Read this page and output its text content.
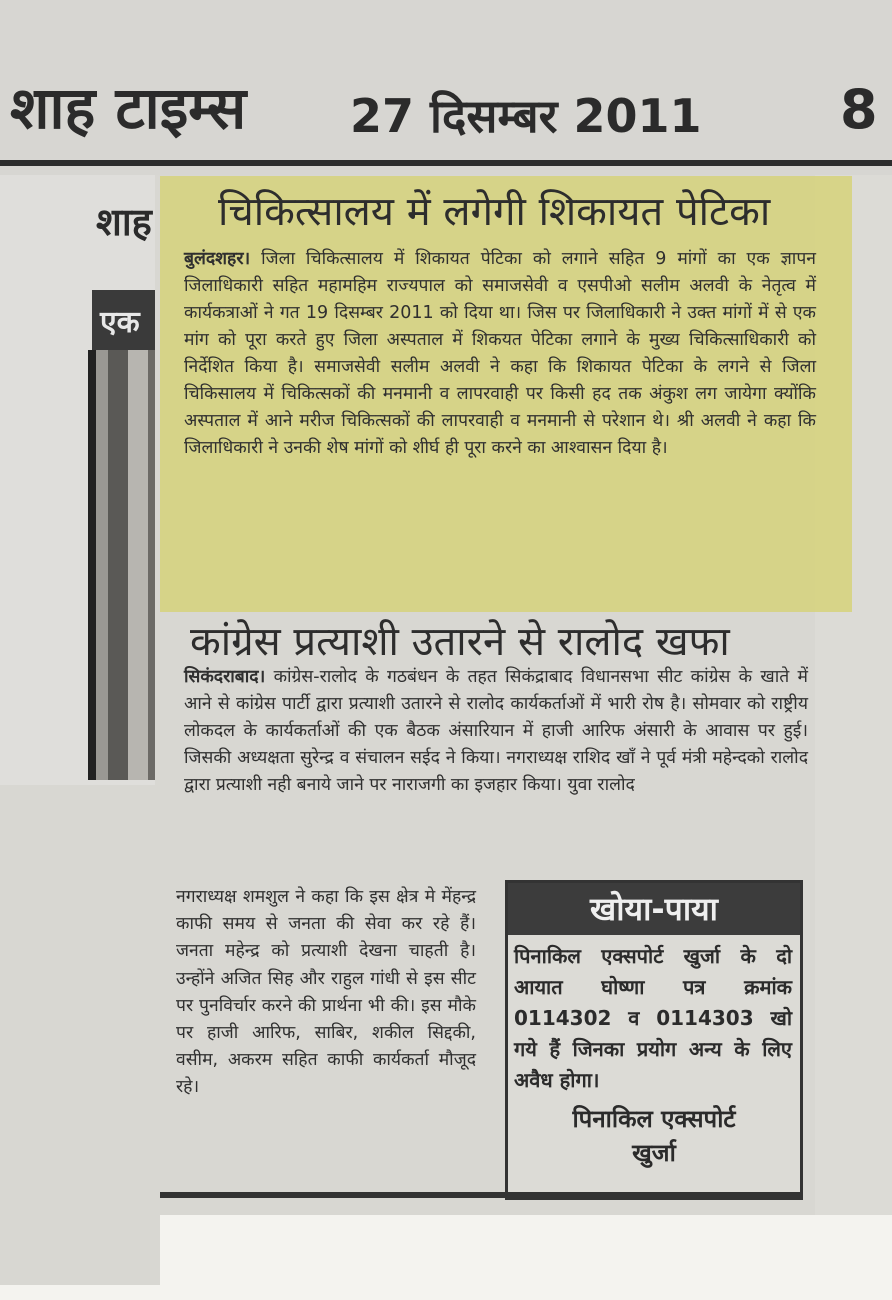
शाह टाइम्स 27 दिसम्बर 2011	8
शाह
एक
चिकित्सालय में लगेगी शिकायत पेटिका

बुलंदशहर। जिला चिकित्सालय में शिकायत पेटिका को लगाने सहित 9 मांगों का एक ज्ञापन जिलाधिकारी सहित महामहिम राज्यपाल को समाजसेवी व एसपीओ सलीम अलवी के नेतृत्व में कार्यकत्राओं ने गत 19 दिसम्बर 2011 को दिया था। जिस पर जिलाधिकारी ने उक्त मांगों में से एक मांग को पूरा करते हुए जिला अस्पताल में शिकयत पेटिका लगाने के मुख्य चिकित्साधिकारी को निर्देशित किया है। समाजसेवी सलीम अलवी ने कहा कि शिकायत पेटिका के लगने से जिला चिकिसालय में चिकित्सकों की मनमानी व लापरवाही पर किसी हद तक अंकुश लग जायेगा क्योंकि अस्पताल में आने मरीज चिकित्सकों की लापरवाही व मनमानी से परेशान थे। श्री अलवी ने कहा कि जिलाधिकारी ने उनकी शेष मांगों को शीर्घ ही पूरा करने का आश्वासन दिया है।

कांग्रेस प्रत्याशी उतारने से रालोद खफा

सिकंदराबाद। कांग्रेस-रालोद के गठबंधन के तहत सिकंद्राबाद विधानसभा सीट कांग्रेस के खाते में आने से कांग्रेस पार्टी द्वारा प्रत्याशी उतारने से रालोद कार्यकर्ताओं में भारी रोष है। सोमवार को राष्ट्रीय लोकदल के कार्यकर्ताओं की एक बैठक अंसारियान में हाजी आरिफ अंसारी के आवास पर हुई। जिसकी अध्यक्षता सुरेन्द्र व संचालन सईद ने किया। नगराध्यक्ष राशिद खाँ ने पूर्व मंत्री महेन्दको रालोद द्वारा प्रत्याशी नही बनाये जाने पर नाराजगी का इजहार किया। युवा रालोद

नगराध्यक्ष शमशुल ने कहा कि इस क्षेत्र मे मेंहन्द्र काफी समय से जनता की सेवा कर रहे हैं। जनता महेन्द्र को प्रत्याशी देखना चाहती है। उन्होंने अजित सिह और राहुल गांधी से इस सीट पर पुनविर्चार करने की प्रार्थना भी की। इस मौके पर हाजी आरिफ, साबिर, शकील सिद्दकी, वसीम, अकरम सहित काफी कार्यकर्ता मौजूद रहे।

खोया-पाया

पिनाकिल एक्सपोर्ट खुर्जा के दो आयात घोष्णा पत्र क्रमांक 0114302 व 0114303 खो गये हैं जिनका प्रयोग अन्य के लिए अवैध होगा।

पिनाकिल एक्सपोर्ट
खुर्जा
